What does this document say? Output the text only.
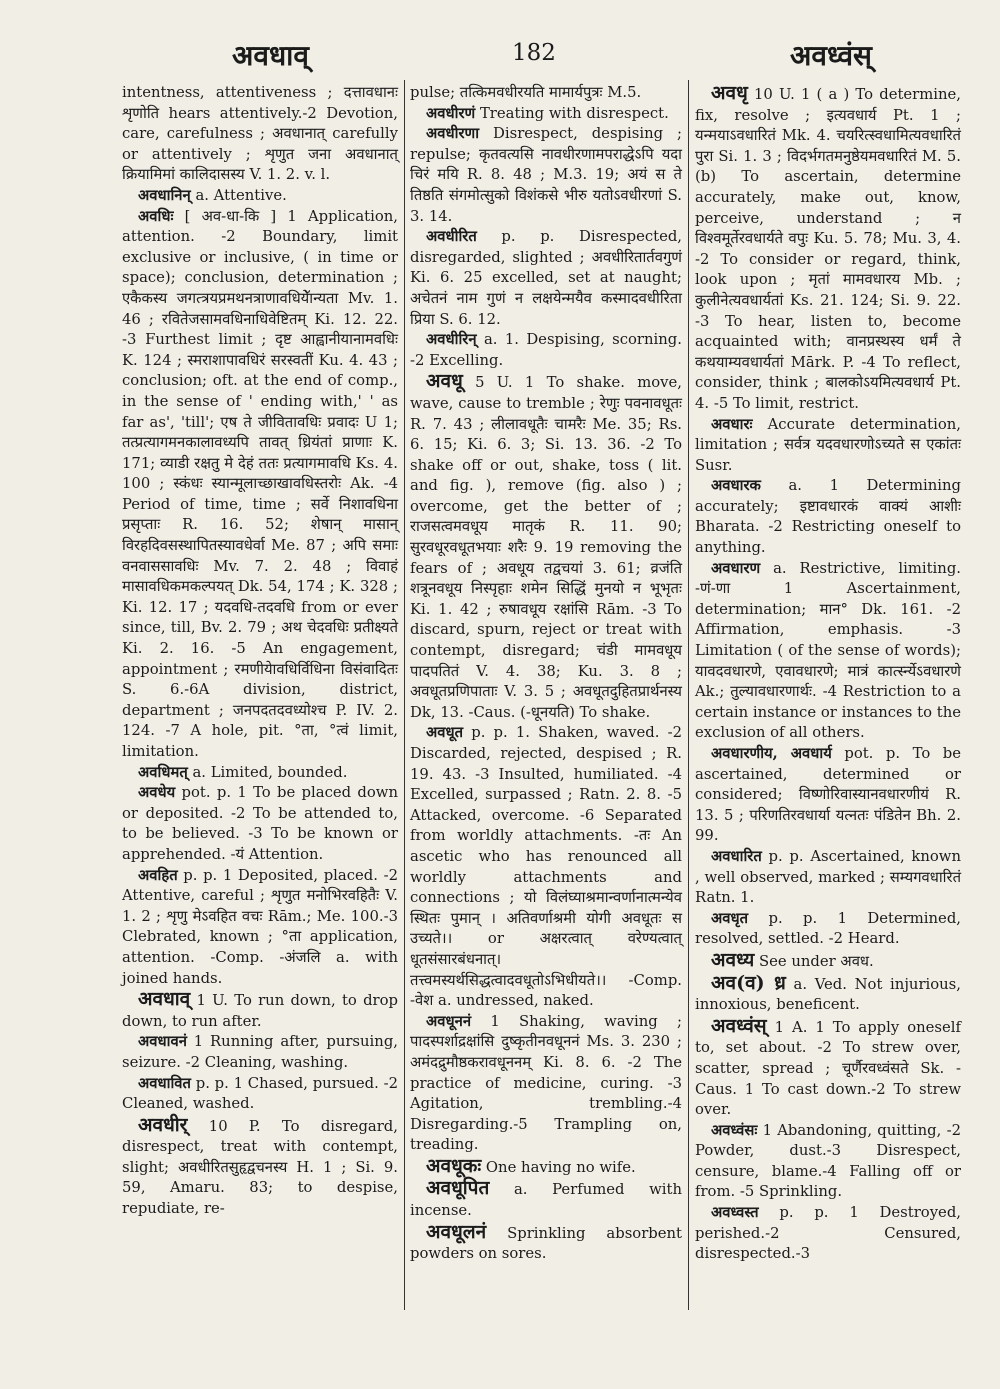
अवधाव्	182	अवध्वंस्

intentness, attentiveness ; दत्तावधानः शृणोति hears attentively.-2 Devotion, care, carefulness ; अवधानात् carefully or attentively ; शृणुत जना अवधानात् क्रियामिमां कालिदासस्य V. 1. 2. v. l.

अवधानिन् a. Attentive.

अवधिः [ अव-धा-कि ] 1 Application, attention. -2 Boundary, limit exclusive or inclusive, ( in time or space); conclusion, determination ; एकैकस्य जगत्त्रयप्रमथनत्राणावधियेॅान्यता Mv. 1. 46 ; रवितेजसामवधिनाधिवेष्टितम् Ki. 12. 22. -3 Furthest limit ; दृष्ट आह्वानीयानामवधिः K. 124 ; स्मराशापावधिरं सरस्वतीं Ku. 4. 43 ; conclusion; oft. at the end of comp., in the sense of ' ending with,' ' as far as', 'till'; एष ते जीवितावधिः प्रवादः U 1; तत्प्रत्यागमनकालावध्यपि तावत् ध्रियंतां प्राणाः K. 171; व्याडी रक्षतु मे देहं ततः प्रत्यागमावधि Ks. 4. 100 ; स्कंधः स्यान्मूलाच्छाखावधिस्तरोः Ak. -4 Period of time, time ; सर्वे निशावधिना प्रसृप्ताः R. 16. 52; शेषान् मासान् विरहदिवसस्थापितस्यावधेर्वा Me. 87 ; अपि समाः वनवाससावधिः Mv. 7. 2. 48 ; विवाहं मासावधिकमकल्पयत् Dk. 54, 174 ; K. 328 ; Ki. 12. 17 ; यदवधि-तदवधि from or ever since, till, Bv. 2. 79 ; अथ चेदवधिः प्रतीक्ष्यते Ki. 2. 16. -5 An engagement, appointment ; रमणीयेावधिर्विधिना विसंवादितः S. 6.-6A division, district, department ; जनपदतदवध्योश्च P. IV. 2. 124. -7 A hole, pit. °ता, °त्वं limit, limitation.

अवधिमत् a. Limited, bounded.

अवधेय pot. p. 1 To be placed down or deposited. -2 To be attended to, to be believed. -3 To be known or apprehended. -यं Attention.

अवहित p. p. 1 Deposited, placed. -2 Attentive, careful ; शृणुत मनोभिरवहितैः V. 1. 2 ; शृणु मेऽवहित वचः Rām.; Me. 100.-3 Clebrated, known ; °ता application, attention. -Comp. -अंजलि a. with joined hands.

अवधाव् 1 U. To run down, to drop down, to run after.

अवधावनं 1 Running after, pursuing, seizure. -2 Cleaning, washing.

अवधावित p. p. 1 Chased, pursued. -2 Cleaned, washed.

अवधीर् 10 P. To disregard, disrespect, treat with contempt, slight; अवधीरितसुहृद्वचनस्य H. 1 ; Si. 9. 59, Amaru. 83; to despise, repudiate, re-

pulse; तत्किमवधीरयति मामार्यपुत्रः M.5.

अवधीरणं Treating with disrespect.

अवधीरणा Disrespect, despising ; repulse; कृतवत्यसि नावधीरणामपराद्धेऽपि यदा चिरं मयि R. 8. 48 ; M.3. 19; अयं स ते तिष्ठति संगमोत्सुको विशंकसे भीरु यतोऽवधीरणां S. 3. 14.

अवधीरित p. p. Disrespected, disregarded, slighted ; अवधीरितार्तवगुणं Ki. 6. 25 excelled, set at naught; अचेतनं नाम गुणं न लक्षयेन्मयैव कस्मादवधीरिता प्रिया S. 6. 12.

अवधीरिन् a. 1. Despising, scorning. -2 Excelling.

अवधू 5 U. 1 To shake. move, wave, cause to tremble ; रेणुः पवनावधूतः R. 7. 43 ; लीलावधूतैः चामरैः Me. 35; Rs. 6. 15; Ki. 6. 3; Si. 13. 36. -2 To shake off or out, shake, toss ( lit. and fig. ), remove (fig. also ) ; overcome, get the better of ; राजसत्वमवधूय मातृकं R. 11. 90; सुरवधूरवधूतभयाः शरैः 9. 19 removing the fears of ; अवधूय तद्वचयां 3. 61; व्रजंति शत्रूनवधूय निस्पृहाः शमेन सिद्धिं मुनयो न भूभृतः Ki. 1. 42 ; रुषावधूय रक्षांसि Rām. -3 To discard, spurn, reject or treat with contempt, disregard; चंडी मामवधूय पादपतितं V. 4. 38; Ku. 3. 8 ; अवधूतप्रणिपाताः V. 3. 5 ; अवधूतदुहितप्रार्थनस्य Dk, 13. -Caus. (-धूनयति) To shake.

अवधूत p. p. 1. Shaken, waved. -2 Discarded, rejected, despised ; R. 19. 43. -3 Insulted, humiliated. -4 Excelled, surpassed ; Ratn. 2. 8. -5 Attacked, overcome. -6 Separated from worldly attachments. -तः An ascetic who has renounced all worldly attachments and connections ; यो विलंघ्याश्रमान्वर्णानात्मन्येव स्थितः पुमान् । अतिवर्णाश्रमी योगी अवधूतः स उच्यते।। or अक्षरत्वात् वरेण्यत्वात् धूतसंसारबंधनात्। तत्त्वमस्यर्थसिद्धत्वादवधूतोऽभिधीयते।। -Comp. -वेश a. undressed, naked.

अवधूननं 1 Shaking, waving ; पादस्पर्शाद्रक्षांसि दुष्कृतीनवधूननं Ms. 3. 230 ; अमंदद्रुमौष्ठकरावधूननम् Ki. 8. 6. -2 The practice of medicine, curing. -3 Agitation, trembling.-4 Disregarding.-5 Trampling on, treading.

अवधूकः One having no wife.

अवधूपित a. Perfumed with incense.

अवधूलनं Sprinkling absorbent powders on sores.

अवधृ 10 U. 1 ( a ) To determine, fix, resolve ; इत्यवधार्य Pt. 1 ; यन्मयाऽवधारितं Mk. 4. चयरित्स्वधामित्यवधारितं पुरा Si. 1. 3 ; विदर्भगतमनुष्ठेयमवधारितं M. 5. (b) To ascertain, determine accurately, make out, know, perceive, understand ; न विश्वमूर्तेरवधार्यते वपुः Ku. 5. 78; Mu. 3, 4. -2 To consider or regard, think, look upon ; मृतां मामवधारय Mb. ; कुलीनेत्यवधार्यतां Ks. 21. 124; Si. 9. 22. -3 To hear, listen to, become acquainted with; वानप्रस्थस्य धर्मं ते कथयाम्यवधार्यतां Mārk. P. -4 To reflect, consider, think ; बालकोऽयमित्यवधार्य Pt. 4. -5 To limit, restrict.

अवधारः Accurate determination, limitation ; सर्वत्र यदवधारणोऽच्यते स एकांतः Susr.

अवधारक a. 1 Determining accurately; इष्टावधारकं वाक्यं आशीः Bharata. -2 Restricting oneself to anything.

अवधारण a. Restrictive, limiting. -णं-णा 1 Ascertainment, determination; मान° Dk. 161. -2 Affirmation, emphasis. -3 Limitation ( of the sense of words); यावदवधारणे, एवावधारणे; मात्रं कार्त्स्न्येऽवधारणे Ak.; तुल्यावधारणार्थः. -4 Restriction to a certain instance or instances to the exclusion of all others.

अवधारणीय, अवधार्य pot. p. To be ascertained, determined or considered; विष्णोरिवास्यानवधारणीयं R. 13. 5 ; परिणतिरवधार्या यत्नतः पंडितेन Bh. 2. 99.

अवधारित p. p. Ascertained, known , well observed, marked ; सम्यगवधारितं Ratn. 1.

अवधृत p. p. 1 Determined, resolved, settled. -2 Heard.

अवध्य See under अवध.

अव(व) ध्र a. Ved. Not injurious, innoxious, beneficent.

अवध्वंस् 1 A. 1 To apply oneself to, set about. -2 To strew over, scatter, spread ; चूर्णैरवध्वंसते Sk. -Caus. 1 To cast down.-2 To strew over.

अवध्वंसः 1 Abandoning, quitting, -2 Powder, dust.-3 Disrespect, censure, blame.-4 Falling off or from. -5 Sprinkling.

अवध्वस्त p. p. 1 Destroyed, perished.-2 Censured, disrespected.-3
